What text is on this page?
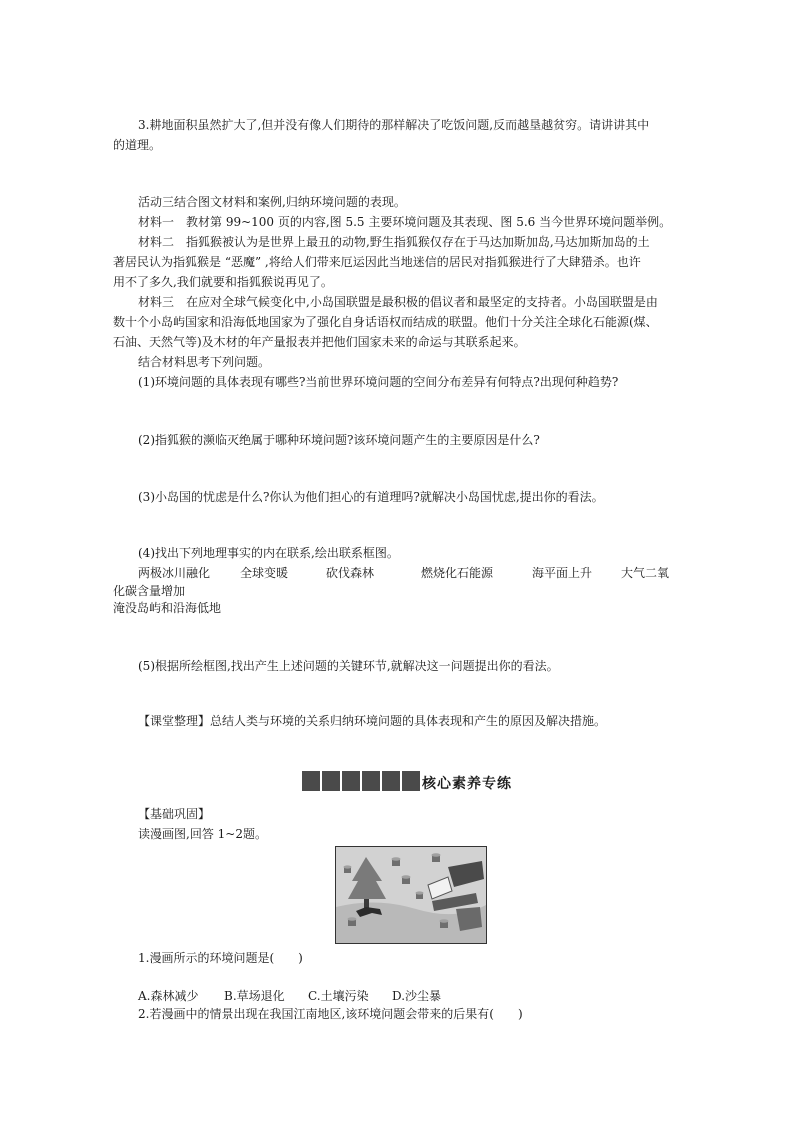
3.耕地面积虽然扩大了,但并没有像人们期待的那样解决了吃饭问题,反而越垦越贫穷。请讲讲其中
的道理。
活动三结合图文材料和案例,归纳环境问题的表现。
材料一　教材第 99~100 页的内容,图 5.5 主要环境问题及其表现、图 5.6 当今世界环境问题举例。
材料二　指狐猴被认为是世界上最丑的动物,野生指狐猴仅存在于马达加斯加岛,马达加斯加岛的土
著居民认为指狐猴是 “恶魔” ,将给人们带来厄运因此当地迷信的居民对指狐猴进行了大肆猎杀。也许
用不了多久,我们就要和指狐猴说再见了。
材料三　在应对全球气候变化中,小岛国联盟是最积极的倡议者和最坚定的支持者。小岛国联盟是由
数十个小岛屿国家和沿海低地国家为了强化自身话语权而结成的联盟。他们十分关注全球化石能源(煤、
石油、天然气等)及木材的年产量报表并把他们国家未来的命运与其联系起来。
结合材料思考下列问题。
(1)环境问题的具体表现有哪些?当前世界环境问题的空间分布差异有何特点?出现何种趋势?
(2)指狐猴的濒临灭绝属于哪种环境问题?该环境问题产生的主要原因是什么?
(3)小岛国的忧虑是什么?你认为他们担心的有道理吗?就解决小岛国忧虑,提出你的看法。
(4)找出下列地理事实的内在联系,绘出联系框图。
两极冰川融化 全球变暖	砍伐森林	燃烧化石能源	海平面上升 大气二氧
化碳含量增加
淹没岛屿和沿海低地
(5)根据所绘框图,找出产生上述问题的关键环节,就解决这一问题提出你的看法。
【课堂整理】总结人类与环境的关系归纳环境问题的具体表现和产生的原因及解决措施。
核心素养专练
【基础巩固】
读漫画图,回答 1~2题。
1.漫画所示的环境问题是(　　)
A.森林减少 B.草场退化 C.土壤污染 D.沙尘暴
2.若漫画中的情景出现在我国江南地区,该环境问题会带来的后果有(　　)
